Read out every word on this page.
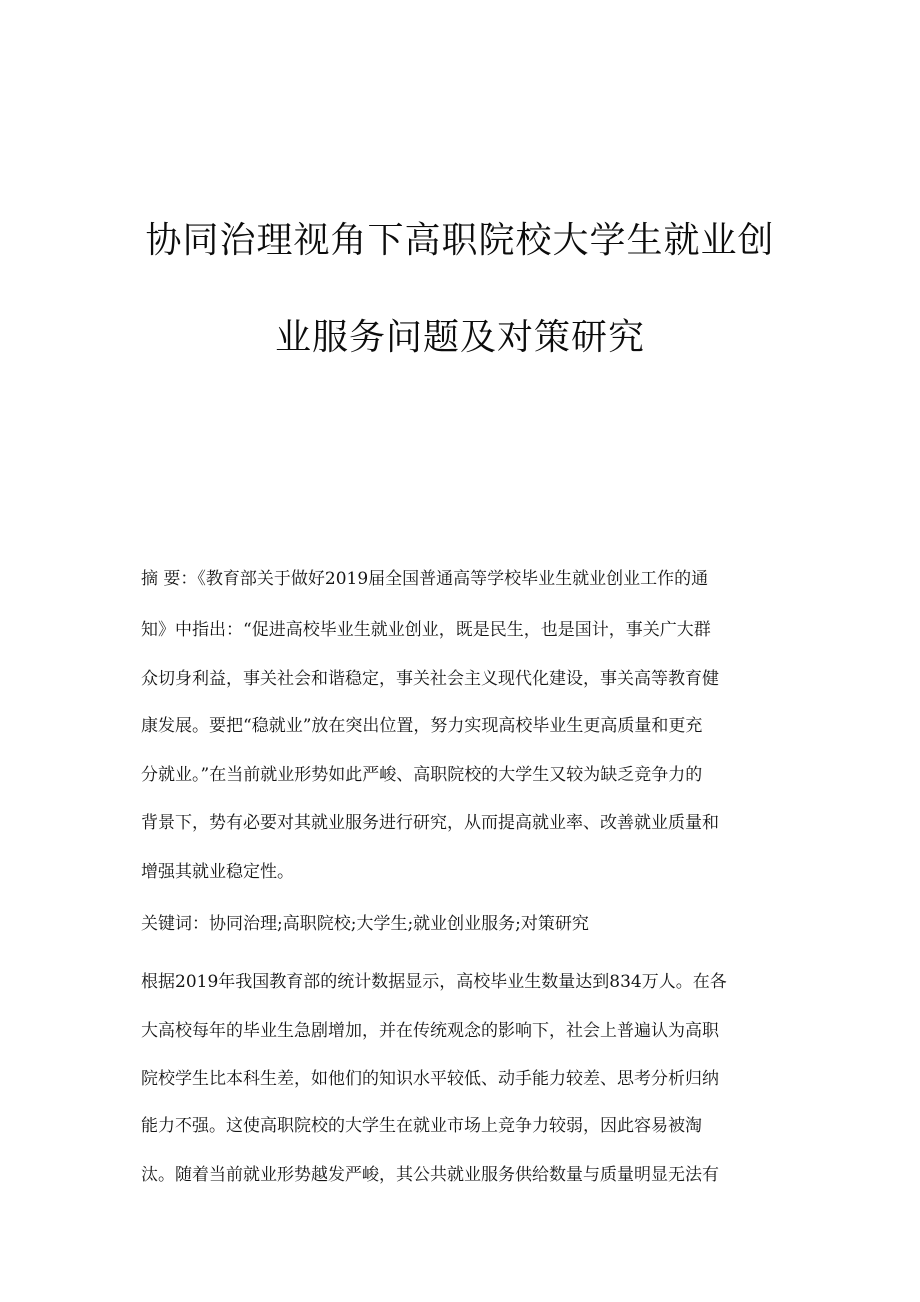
协同治理视角下高职院校大学生就业创
业服务问题及对策研究
摘 要：《教育部关于做好2019届全国普通高等学校毕业生就业创业工作的通
知》中指出：“促进高校毕业生就业创业，既是民生，也是国计，事关广大群
众切身利益，事关社会和谐稳定，事关社会主义现代化建设，事关高等教育健
康发展。要把“稳就业”放在突出位置，努力实现高校毕业生更高质量和更充
分就业。”在当前就业形势如此严峻、高职院校的大学生又较为缺乏竞争力的
背景下，势有必要对其就业服务进行研究，从而提高就业率、改善就业质量和
增强其就业稳定性。
关键词：协同治理;高职院校;大学生;就业创业服务;对策研究
根据2019年我国教育部的统计数据显示，高校毕业生数量达到834万人。在各
大高校每年的毕业生急剧增加，并在传统观念的影响下，社会上普遍认为高职
院校学生比本科生差，如他们的知识水平较低、动手能力较差、思考分析归纳
能力不强。这使高职院校的大学生在就业市场上竞争力较弱，因此容易被淘
汰。随着当前就业形势越发严峻，其公共就业服务供给数量与质量明显无法有
